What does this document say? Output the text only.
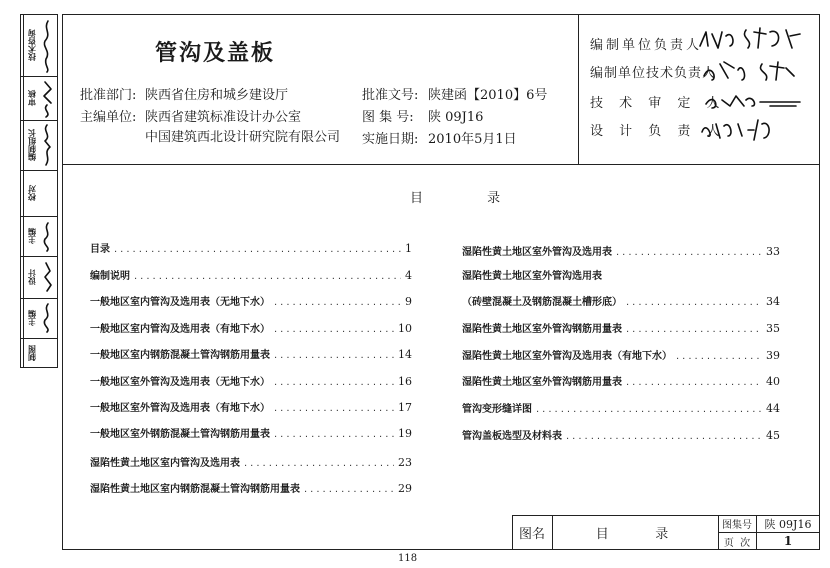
技术咨询
审核
编制组长
校对
主编
设计
主编
制图
管沟及盖板
批准部门: 陕西省住房和城乡建设厅
主编单位: 陕西省建筑标准设计办公室
中国建筑西北设计研究院有限公司
批准文号: 陕建函【2010】6号
图 集 号: 陕 09J16
实施日期: 2010年5月1日
编制单位负责人
编制单位技术负责人
技 术 审 定 人
设 计 负 责 人
目 录
目录 .....	1
编制说明 .....	4
一般地区室内管沟及选用表（无地下水） .....	9
一般地区室内管沟及选用表（有地下水） .....	10
一般地区室内钢筋混凝土管沟钢筋用量表 .....	14
一般地区室外管沟及选用表（无地下水） .....	16
一般地区室外管沟及选用表（有地下水） .....	17
一般地区室外钢筋混凝土管沟钢筋用量表 .....	19
湿陷性黄土地区室内管沟及选用表 .....	23
湿陷性黄土地区室内钢筋混凝土管沟钢筋用量表 .....	29
湿陷性黄土地区室外管沟及选用表 .....	33
湿陷性黄土地区室外管沟选用表
（砖壁混凝土及钢筋混凝土槽形底） .....	34
湿陷性黄土地区室外管沟钢筋用量表 .....	35
湿陷性黄土地区室外管沟及选用表（有地下水） .....	39
湿陷性黄土地区室外管沟钢筋用量表 .....	40
管沟变形缝详图 .....	44
管沟盖板选型及材料表 .....	45
图名	目    录
图集号	陕 09J16
页  次	1
118
